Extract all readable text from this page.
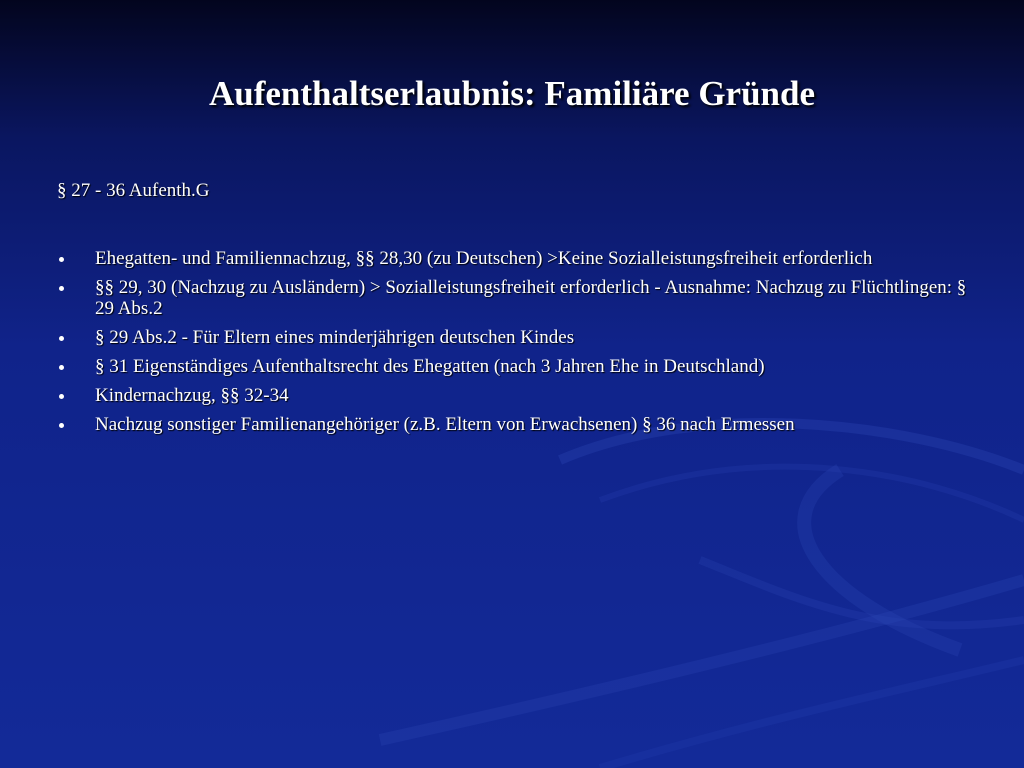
Aufenthaltserlaubnis: Familiäre Gründe
§ 27 - 36 Aufenth.G
Ehegatten- und Familiennachzug, §§ 28,30 (zu Deutschen) >Keine Sozialleistungsfreiheit erforderlich
§§ 29, 30 (Nachzug zu Ausländern) > Sozialleistungsfreiheit erforderlich - Ausnahme: Nachzug zu Flüchtlingen: § 29 Abs.2
§ 29 Abs.2 - Für Eltern eines minderjährigen deutschen Kindes
§ 31 Eigenständiges Aufenthaltsrecht des Ehegatten (nach 3 Jahren Ehe in Deutschland)
Kindernachzug, §§ 32-34
Nachzug sonstiger Familienangehöriger (z.B. Eltern von Erwachsenen) § 36 nach Ermessen
